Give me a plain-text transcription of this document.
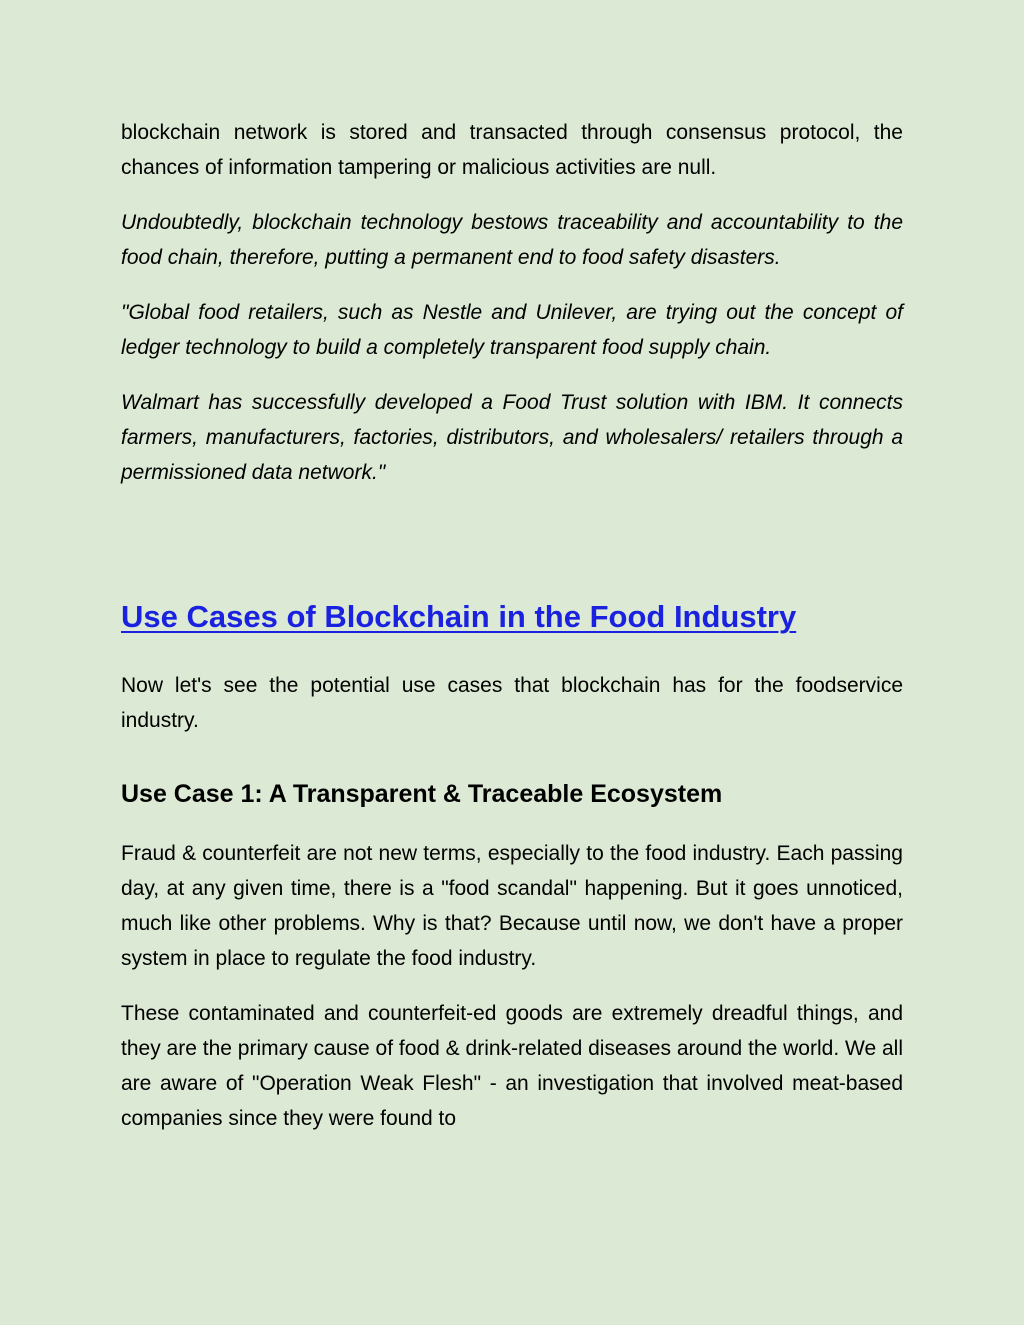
blockchain network is stored and transacted through consensus protocol, the chances of information tampering or malicious activities are null.

Undoubtedly, blockchain technology bestows traceability and accountability to the food chain, therefore, putting a permanent end to food safety disasters.

"Global food retailers, such as Nestle and Unilever, are trying out the concept of ledger technology to build a completely transparent food supply chain.

Walmart has successfully developed a Food Trust solution with IBM. It connects farmers, manufacturers, factories, distributors, and wholesalers/ retailers through a permissioned data network."

Use Cases of Blockchain in the Food Industry

Now let's see the potential use cases that blockchain has for the foodservice industry.

Use Case 1: A Transparent & Traceable Ecosystem

Fraud & counterfeit are not new terms, especially to the food industry. Each passing day, at any given time, there is a "food scandal" happening. But it goes unnoticed, much like other problems. Why is that? Because until now, we don't have a proper system in place to regulate the food industry.

These contaminated and counterfeit-ed goods are extremely dreadful things, and they are the primary cause of food & drink-related diseases around the world. We all are aware of "Operation Weak Flesh" - an investigation that involved meat-based companies since they were found to
